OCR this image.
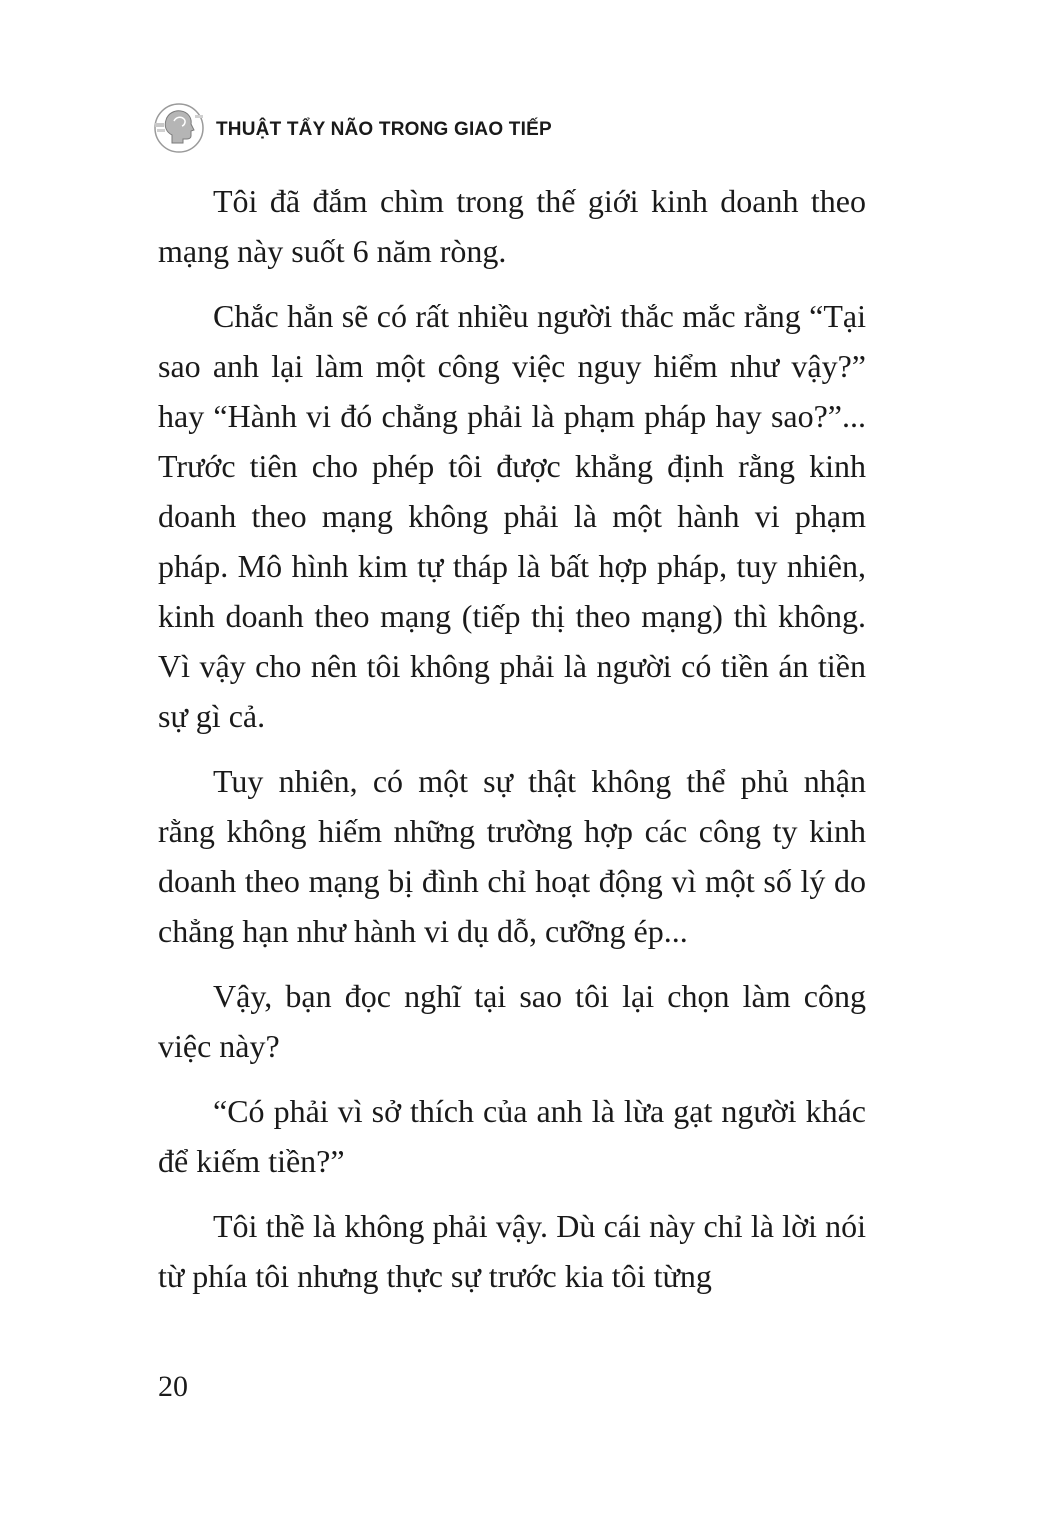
THUẬT TẨY NÃO TRONG GIAO TIẾP

Tôi đã đắm chìm trong thế giới kinh doanh theo mạng này suốt 6 năm ròng.

Chắc hẳn sẽ có rất nhiều người thắc mắc rằng “Tại sao anh lại làm một công việc nguy hiểm như vậy?” hay “Hành vi đó chẳng phải là phạm pháp hay sao?”... Trước tiên cho phép tôi được khẳng định rằng kinh doanh theo mạng không phải là một hành vi phạm pháp. Mô hình kim tự tháp là bất hợp pháp, tuy nhiên, kinh doanh theo mạng (tiếp thị theo mạng) thì không. Vì vậy cho nên tôi không phải là người có tiền án tiền sự gì cả.

Tuy nhiên, có một sự thật không thể phủ nhận rằng không hiếm những trường hợp các công ty kinh doanh theo mạng bị đình chỉ hoạt động vì một số lý do chẳng hạn như hành vi dụ dỗ, cưỡng ép...

Vậy, bạn đọc nghĩ tại sao tôi lại chọn làm công việc này?

“Có phải vì sở thích của anh là lừa gạt người khác để kiếm tiền?”

Tôi thề là không phải vậy. Dù cái này chỉ là lời nói từ phía tôi nhưng thực sự trước kia tôi từng

20
